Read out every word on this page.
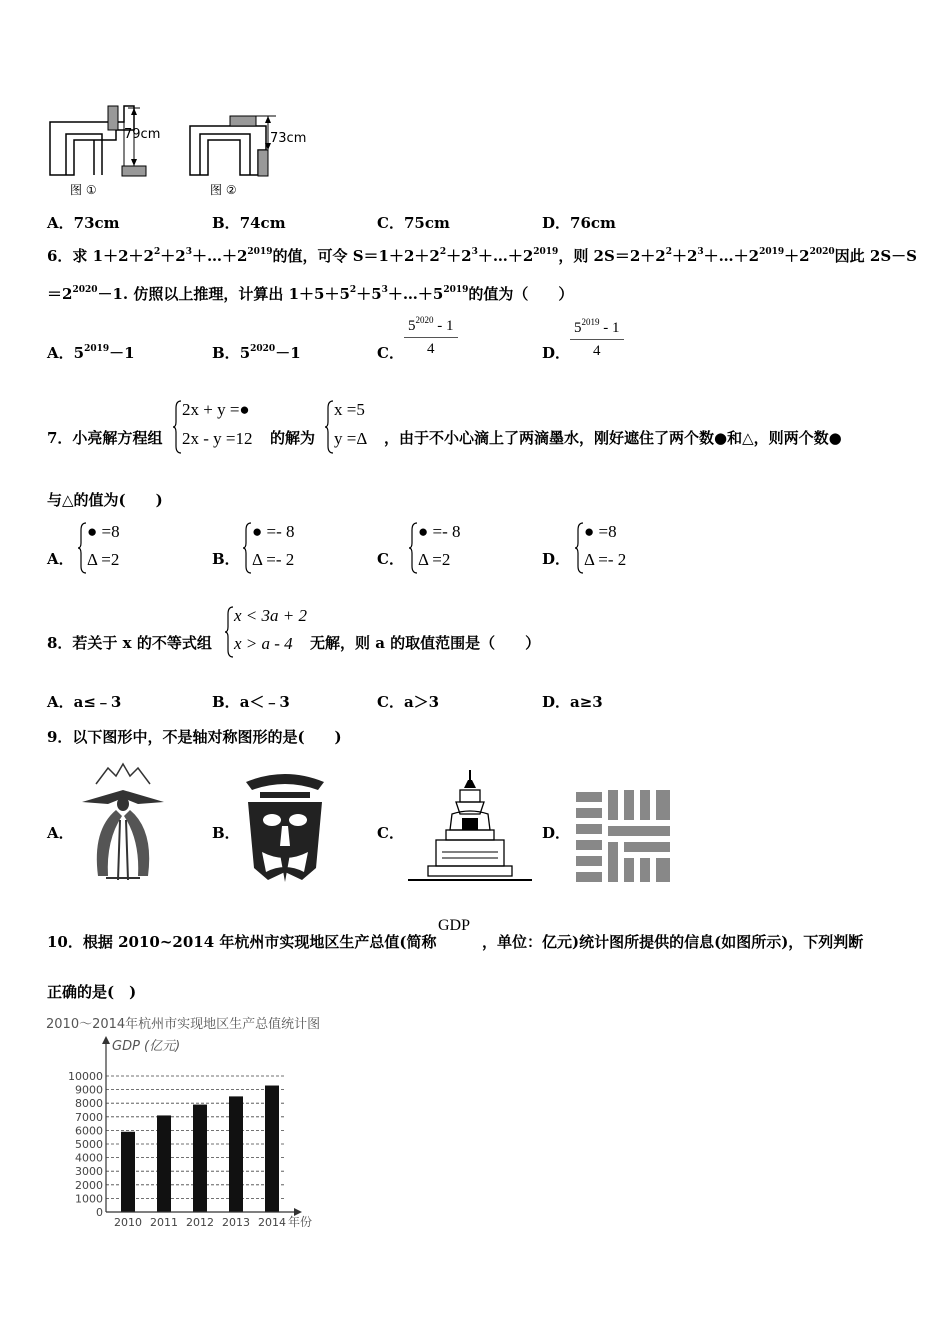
79cm
图 ①
73cm
图 ②
A．73cm	B．74cm	C．75cm	D．76cm
6．求 $1+2+2^2+2^3+\dots+2^{2019}$的值，可令 $S=1+2+2^2+2^3+\dots+2^{2019}$，则 $2S=2+2^2+2^3+\dots+2^{2019}+2^{2020}$因此 2S－S
$=2^{2020}-1$. 仿照以上推理，计算出 $1+5+5^2+5^3+\dots+5^{2019}$的值为（　　）
A．$5^{2019}-1$	B．$5^{2020}-1$	C． $\frac{5^{2020} - 1}{4}$	D． $\frac{5^{2019} - 1}{4}$
7．小亮解方程组
2x + y =●
2x - y =12 的解为
x =5
y =Δ ，由于不小心滴上了两滴墨水，刚好遮住了两个数●和△，则两个数●
与△的值为(　　)
A．
● =8
Δ =2	B．
● =- 8
Δ =- 2	C．
● =- 8
Δ =2	D．
● =8
Δ =- 2
8．若关于 x 的不等式组
x < 3a + 2
x > a - 4 无解，则 a 的取值范围是（　　）
A．a≤﹣3	B．a＜﹣3	C．a＞3	D．a≥3
9．以下图形中，不是轴对称图形的是(　　)
A．	B．	C．	D．
10．根据 2010~2014 年杭州市实现地区生产总值(简称
GDP
，单位：亿元)统计图所提供的信息(如图所示)，下列判断
正确的是(　)
2010～2014年杭州市实现地区生产总值统计图
GDP (亿元)
年份
0
1000
2000
3000
4000
5000
6000
7000
8000
9000
10000
2010 2011 2012 2013 2014
